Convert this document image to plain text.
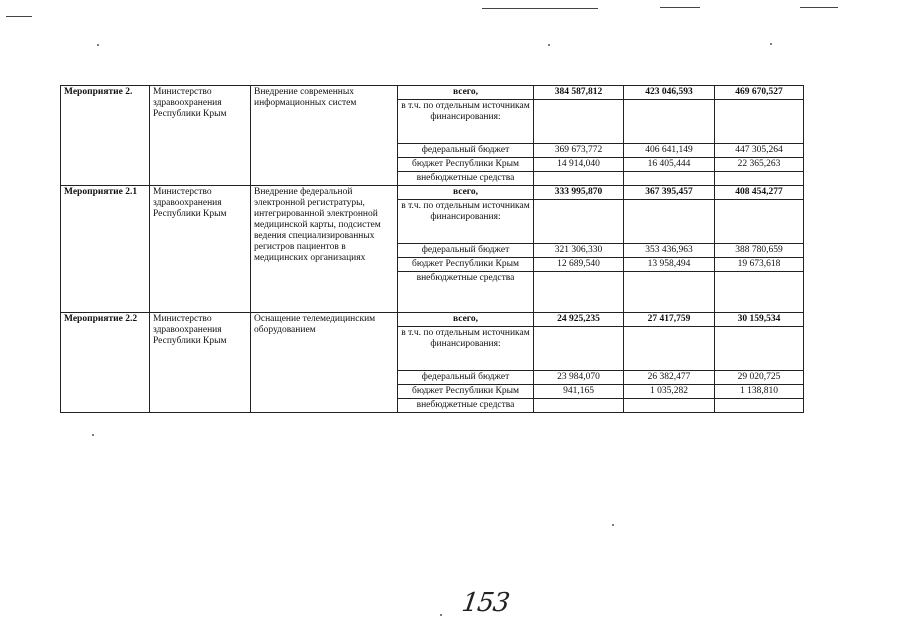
Мероприятие 2.	Министерство здравоохранения Республики Крым	Внедрение современных информационных систем	всего,	384 587,812	423 046,593	469 670,527
			в т.ч. по отдельным источникам финансирования:			
			федеральный бюджет	369 673,772	406 641,149	447 305,264
			бюджет Республики Крым	14 914,040	16 405,444	22 365,263
			внебюджетные средства			
Мероприятие 2.1	Министерство здравоохранения Республики Крым	Внедрение федеральной электронной регистратуры, интегрированной электронной медицинской карты, подсистем ведения специализированных регистров пациентов в медицинских организациях	всего,	333 995,870	367 395,457	408 454,277
			в т.ч. по отдельным источникам финансирования:			
			федеральный бюджет	321 306,330	353 436,963	388 780,659
			бюджет Республики Крым	12 689,540	13 958,494	19 673,618
			внебюджетные средства			
Мероприятие 2.2	Министерство здравоохранения Республики Крым	Оснащение телемедицинским оборудованием	всего,	24 925,235	27 417,759	30 159,534
			в т.ч. по отдельным источникам финансирования:			
			федеральный бюджет	23 984,070	26 382,477	29 020,725
			бюджет Республики Крым	941,165	1 035,282	1 138,810
			внебюджетные средства			
153
